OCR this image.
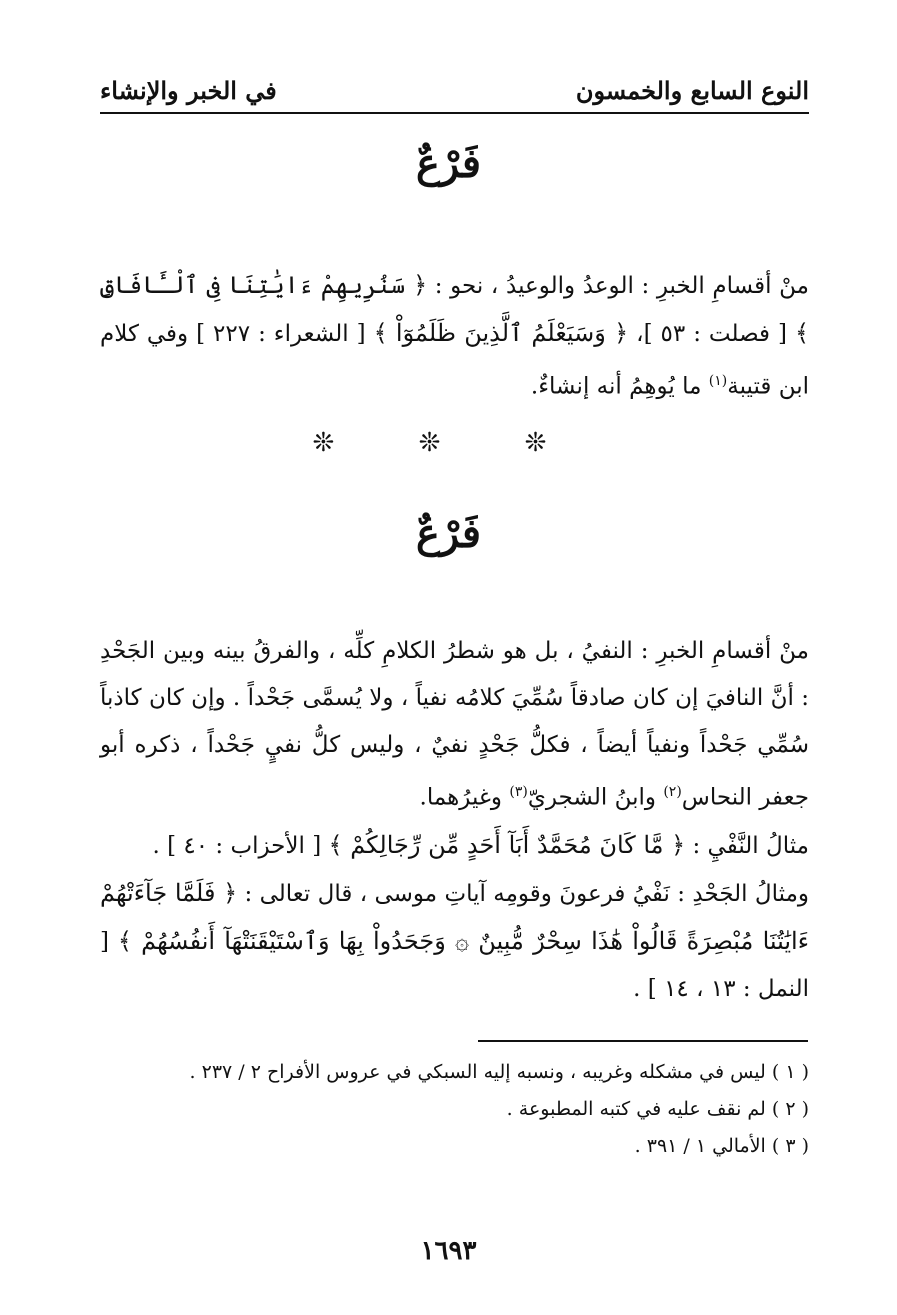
النوع السابع والخمسون
في الخبر والإنشاء
فَرْعٌ
منْ أقسامِ الخبرِ : الوعدُ والوعيدُ ، نحو : ﴿ سَنُرِيهِمْ ءَايَٰتِنَا فِى ٱلْـَٔافَاقِ ﴾ [ فصلت : ٥٣ ]، ﴿ وَسَيَعْلَمُ ٱلَّذِينَ ظَلَمُوٓاْ ﴾ [ الشعراء : ٢٢٧ ] وفي كلام ابن قتيبة$^{(١)}$ ما يُوهِمُ أنه إنشاءٌ.
❊ ❊ ❊
فَرْعٌ
منْ أقسامِ الخبرِ : النفيُ ، بل هو شطرُ الكلامِ كلِّه ، والفرقُ بينه وبين الجَحْدِ : أنَّ النافيَ إن كان صادقاً سُمِّيَ كلامُه نفياً ، ولا يُسمَّى جَحْداً . وإن كان كاذباً سُمِّي جَحْداً ونفياً أيضاً ، فكلُّ جَحْدٍ نفيٌ ، وليس كلُّ نفيٍ جَحْداً ، ذكره أبو جعفر النحاس$^{(٢)}$ وابنُ الشجريّ$^{(٣)}$ وغيرُهما.
مثالُ النَّفْيِ : ﴿ مَّا كَانَ مُحَمَّدٌ أَبَآ أَحَدٍ مِّن رِّجَالِكُمْ ﴾ [ الأحزاب : ٤٠ ] .
ومثالُ الجَحْدِ : نَفْيُ فرعونَ وقومِه آياتِ موسى ، قال تعالى : ﴿ فَلَمَّا جَآءَتْهُمْ ءَايَٰتُنَا مُبْصِرَةً قَالُواْ هَٰذَا سِحْرٌ مُّبِينٌ ۞ وَجَحَدُواْ بِهَا وَٱسْتَيْقَنَتْهَآ أَنفُسُهُمْ ﴾ [ النمل : ١٣ ، ١٤ ] .
( ١ ) ليس في مشكله وغريبه ، ونسبه إليه السبكي في عروس الأفراح ٢ / ٢٣٧ .
( ٢ ) لم نقف عليه في كتبه المطبوعة .
( ٣ ) الأمالي ١ / ٣٩١ .
١٦٩٣
